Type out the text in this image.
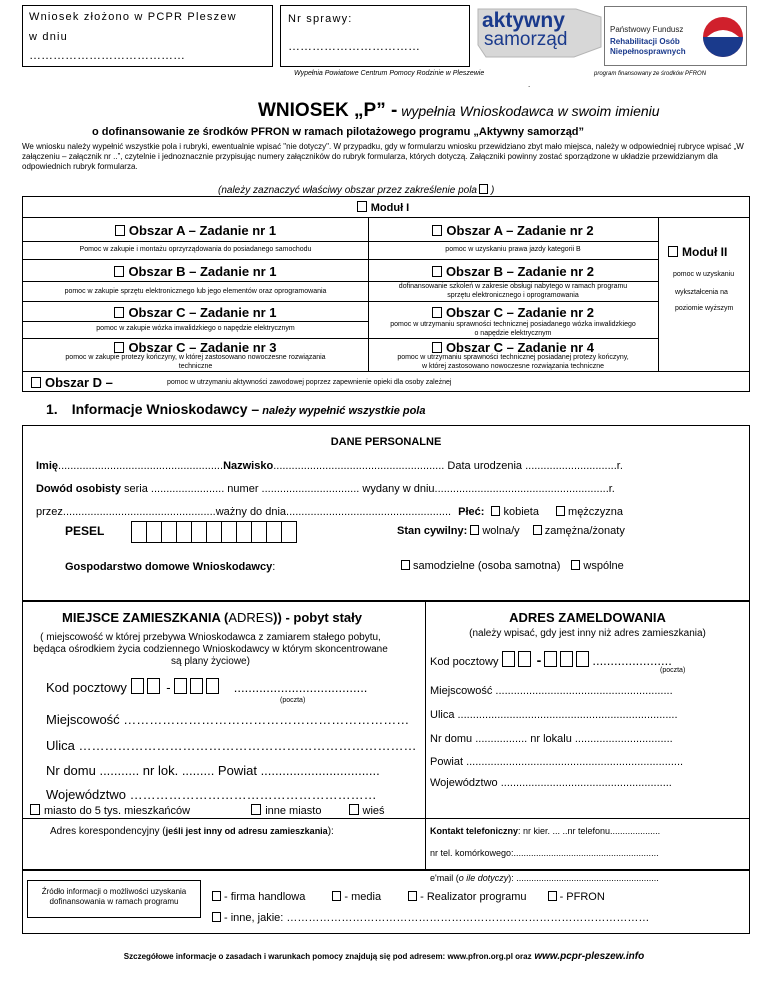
Wniosek złożono w PCPR Pleszew
w dniu
…………………………………
Nr sprawy:
……………………………
aktywny
samorząd	Państwowy Fundusz
Rehabilitacji Osób
Niepełnosprawnych
Wypełnia Powiatowe Centrum Pomocy Rodzinie w Pleszewie	program finansowany ze środków PFRON
.
WNIOSEK „P” - wypełnia Wnioskodawca w swoim imieniu
o dofinansowanie ze środków PFRON w ramach pilotażowego programu „Aktywny samorząd”
We wniosku należy wypełnić wszystkie pola i rubryki, ewentualnie wpisać "nie dotyczy". W przypadku, gdy w formularzu wniosku przewidziano zbyt mało miejsca, należy w odpowiedniej rubryce wpisać „W załączeniu – załącznik nr ..”, czytelnie i jednoznacznie przypisując numery załączników do rubryk formularza, których dotyczą. Załączniki powinny zostać sporządzone w układzie przewidzianym dla odpowiednich rubryk formularza.
(należy zaznaczyć właściwy obszar przez zakreślenie pola )
Moduł I
Obszar A – Zadanie nr 1	Obszar A – Zadanie nr 2
Pomoc w zakupie i montażu oprzyrządowania do posiadanego samochodu	pomoc w uzyskaniu prawa jazdy kategorii B
Obszar B – Zadanie nr 1	Obszar B – Zadanie nr 2
pomoc w zakupie sprzętu elektronicznego lub jego elementów oraz oprogramowania
dofinansowanie szkoleń w zakresie obsługi nabytego w ramach programu
sprzętu elektronicznego i oprogramowania
Obszar C – Zadanie nr 1	Obszar C – Zadanie nr 2
pomoc w zakupie wózka inwalidzkiego o napędzie elektrycznym
pomoc w utrzymaniu sprawności technicznej posiadanego wózka inwalidzkiego
o napędzie elektrycznym
Obszar C – Zadanie nr 3	Obszar C – Zadanie nr 4
pomoc w zakupie protezy kończyny, w której zastosowano nowoczesne rozwiązania
techniczne
pomoc w utrzymaniu sprawności technicznej posiadanej protezy kończyny,
w której zastosowano nowoczesne rozwiązania techniczne
Obszar D –	pomoc w utrzymaniu aktywności zawodowej poprzez zapewnienie opieki dla osoby zależnej
Moduł II
pomoc w uzyskaniu
wykształcenia na
poziomie wyższym
1. Informacje Wnioskodawcy – należy wypełnić wszystkie pola
DANE PERSONALNE
Imię......................................................Nazwisko........................................................ Data urodzenia ..............................r.
Dowód osobisty seria ........................ numer ................................ wydany w dniu.........................................................r.
przez..................................................ważny do dnia...................................................... Płeć: kobieta	mężczyzna
PESEL	Stan cywilny: wolna/y zamężna/żonaty
Gospodarstwo domowe Wnioskodawcy:	samodzielne (osoba samotna) wspólne
MIEJSCE ZAMIESZKANIA (ADRES)) - pobyt stały
( miejscowość w której przebywa Wnioskodawca z zamiarem stałego pobytu, będąca ośrodkiem życia codziennego Wnioskodawcy w którym skoncentrowane są plany życiowe)
Kod pocztowy	-	.....................................
(poczta)
Miejscowość …………………………………………………………
Ulica ……………………………………………………………………
Nr domu ........... nr lok. ......... Powiat .................................
Województwo …………………………………………………
miasto do 5 tys. mieszkańców	inne miasto	wieś
ADRES ZAMELDOWANIA
(należy wpisać, gdy jest inny niż adres zamieszkania)
Kod pocztowy	-	......................
(poczta)
Miejscowość ..........................................................
Ulica ........................................................................
Nr domu ................. nr lokalu ................................
Powiat .......................................................................
Województwo ........................................................
Adres korespondencyjny (jeśli jest inny od adresu zamieszkania):	Kontakt telefoniczny: nr kier. ... ..nr telefonu....................
nr tel. komórkowego:..........................................................
e'mail (o ile dotyczy): .........................................................
Źródło informacji o możliwości uzyskania dofinansowania w ramach programu	- firma handlowa	- media	- Realizator programu	- PFRON
- inne, jakie: ………………………………………………………………………………………
Szczegółowe informacje o zasadach i warunkach pomocy znajdują się pod adresem: www.pfron.org.pl oraz www.pcpr-pleszew.info
